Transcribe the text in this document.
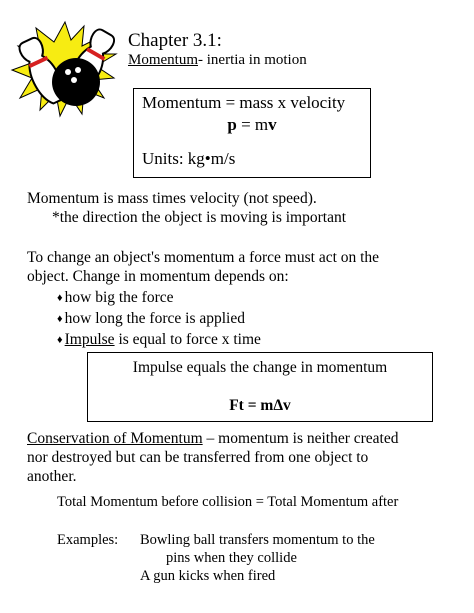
Chapter 3.1:
Momentum- inertia in motion
Momentum = mass x velocity
p = mv
Units: kg•m/s
Momentum is mass times velocity (not speed).
*the direction the object is moving is important
To change an object's momentum a force must act on the
object. Change in momentum depends on:
♦ how big the force
♦ how long the force is applied
♦ Impulse is equal to force x time
Impulse equals the change in momentum
Ft = mΔv
Conservation of Momentum – momentum is neither created
nor destroyed but can be transferred from one object to
another.
Total Momentum before collision = Total Momentum after
Examples: Bowling ball transfers momentum to the
pins when they collide
A gun kicks when fired
